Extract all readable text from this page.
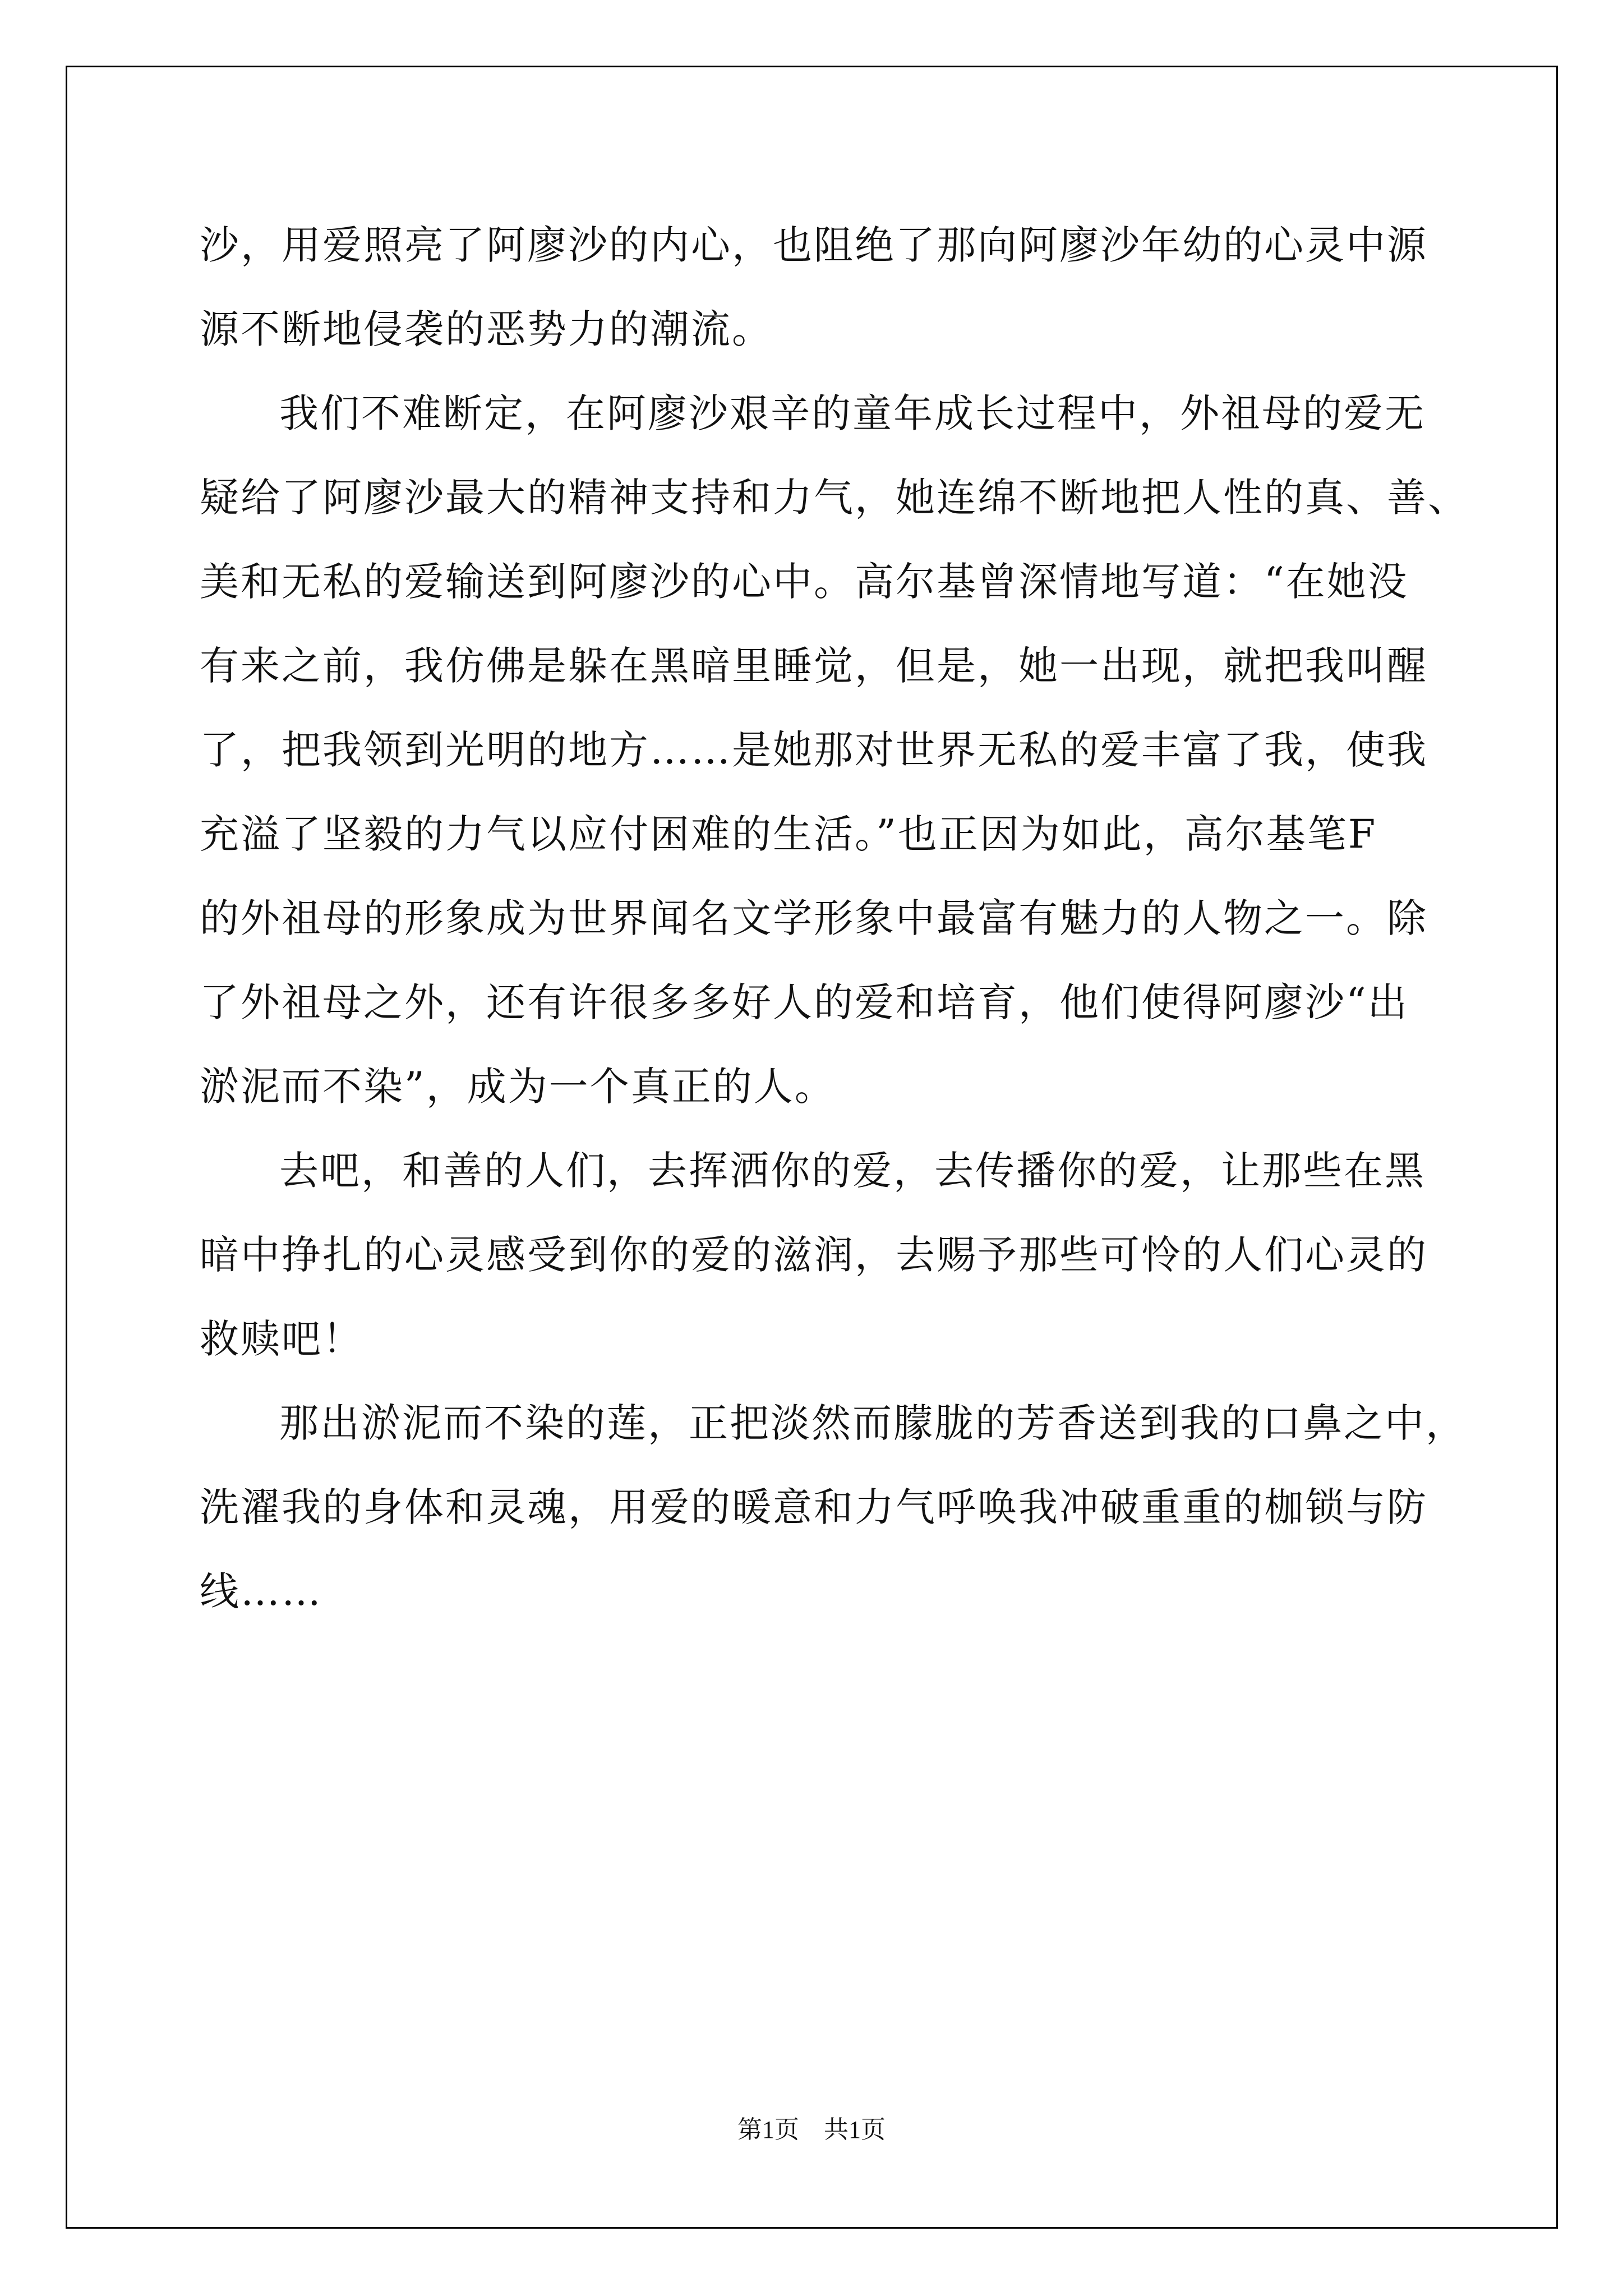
沙，用爱照亮了阿廖沙的内心，也阻绝了那向阿廖沙年幼的心灵中源
源不断地侵袭的恶势力的潮流。
我们不难断定，在阿廖沙艰辛的童年成长过程中，外祖母的爱无
疑给了阿廖沙最大的精神支持和力气，她连绵不断地把人性的真、善、
美和无私的爱输送到阿廖沙的心中。高尔基曾深情地写道：“在她没
有来之前，我仿佛是躲在黑暗里睡觉，但是，她一出现，就把我叫醒
了，把我领到光明的地方……是她那对世界无私的爱丰富了我，使我
充溢了坚毅的力气以应付困难的生活。”也正因为如此，高尔基笔F
的外祖母的形象成为世界闻名文学形象中最富有魅力的人物之一。除
了外祖母之外，还有许很多多好人的爱和培育，他们使得阿廖沙“出
淤泥而不染”，成为一个真正的人。
去吧，和善的人们，去挥洒你的爱，去传播你的爱，让那些在黑
暗中挣扎的心灵感受到你的爱的滋润，去赐予那些可怜的人们心灵的
救赎吧！
那出淤泥而不染的莲，正把淡然而朦胧的芳香送到我的口鼻之中，
洗濯我的身体和灵魂，用爱的暖意和力气呼唤我冲破重重的枷锁与防
线……
第1页　共1页
